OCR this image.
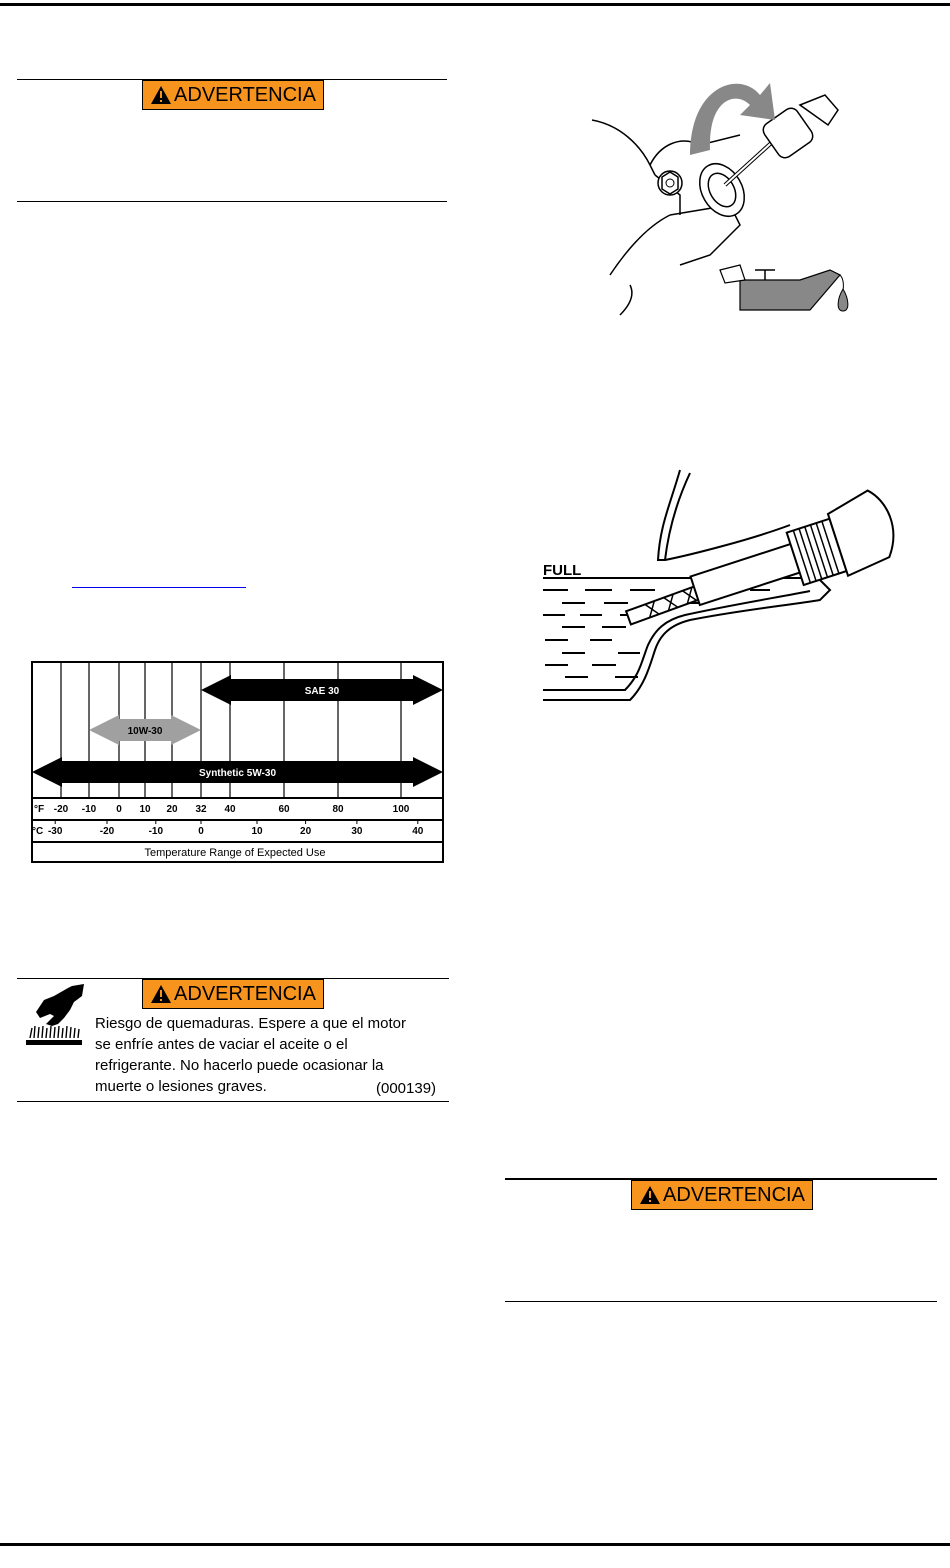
ADVERTENCIA
SAE 30
10W-30
Synthetic 5W-30
-20 -10 0 10 20 32 40	60	80	100
-30	-20	-10	0	10	20	30	40
°F
°C
Temperature Range of Expected Use
ADVERTENCIA
Riesgo de quemaduras. Espere a que el motor se enfríe antes de vaciar el aceite o el refrigerante. No hacerlo puede ocasionar la muerte o lesiones graves.	(000139)
ADVERTENCIA
FULL
